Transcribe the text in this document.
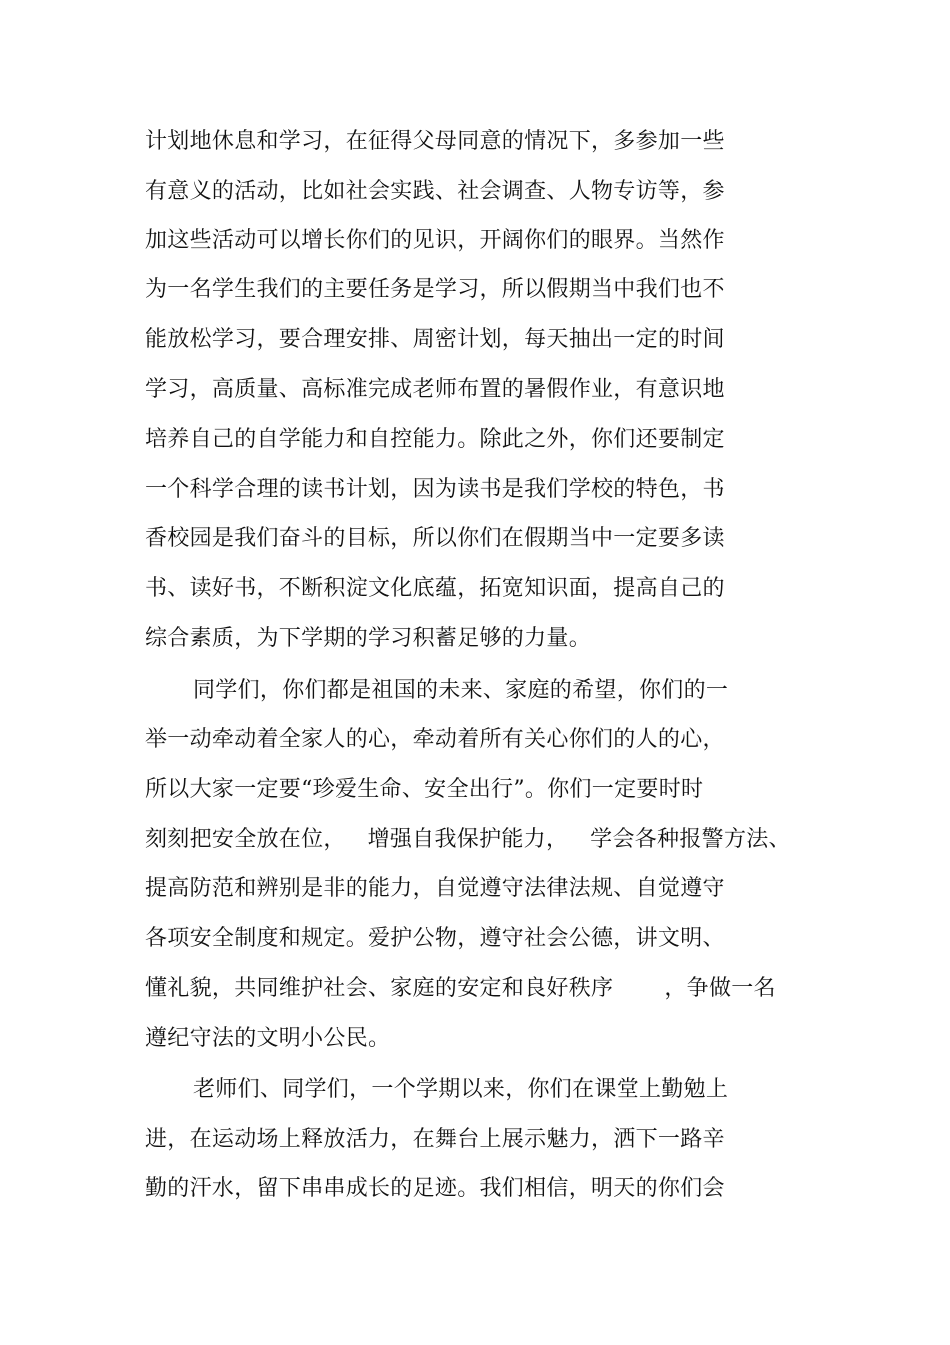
计划地休息和学习，在征得父母同意的情况下，多参加一些
有意义的活动，比如社会实践、社会调查、人物专访等，参
加这些活动可以增长你们的见识，开阔你们的眼界。当然作
为一名学生我们的主要任务是学习，所以假期当中我们也不
能放松学习，要合理安排、周密计划，每天抽出一定的时间
学习，高质量、高标准完成老师布置的暑假作业，有意识地
培养自己的自学能力和自控能力。除此之外，你们还要制定
一个科学合理的读书计划，因为读书是我们学校的特色，书
香校园是我们奋斗的目标，所以你们在假期当中一定要多读
书、读好书，不断积淀文化底蕴，拓宽知识面，提高自己的
综合素质，为下学期的学习积蓄足够的力量。
同学们，你们都是祖国的未来、家庭的希望，你们的一
举一动牵动着全家人的心，牵动着所有关心你们的人的心，
所以大家一定要“珍爱生命、安全出行”。你们一定要时时
刻刻把安全放在位，   增强自我保护能力，   学会各种报警方法、
提高防范和辨别是非的能力，自觉遵守法律法规、自觉遵守
各项安全制度和规定。爱护公物，遵守社会公德，讲文明、
懂礼貌，共同维护社会、家庭的安定和良好秩序       ，争做一名
遵纪守法的文明小公民。
老师们、同学们，一个学期以来，你们在课堂上勤勉上
进，在运动场上释放活力，在舞台上展示魅力，洒下一路辛
勤的汗水，留下串串成长的足迹。我们相信，明天的你们会
